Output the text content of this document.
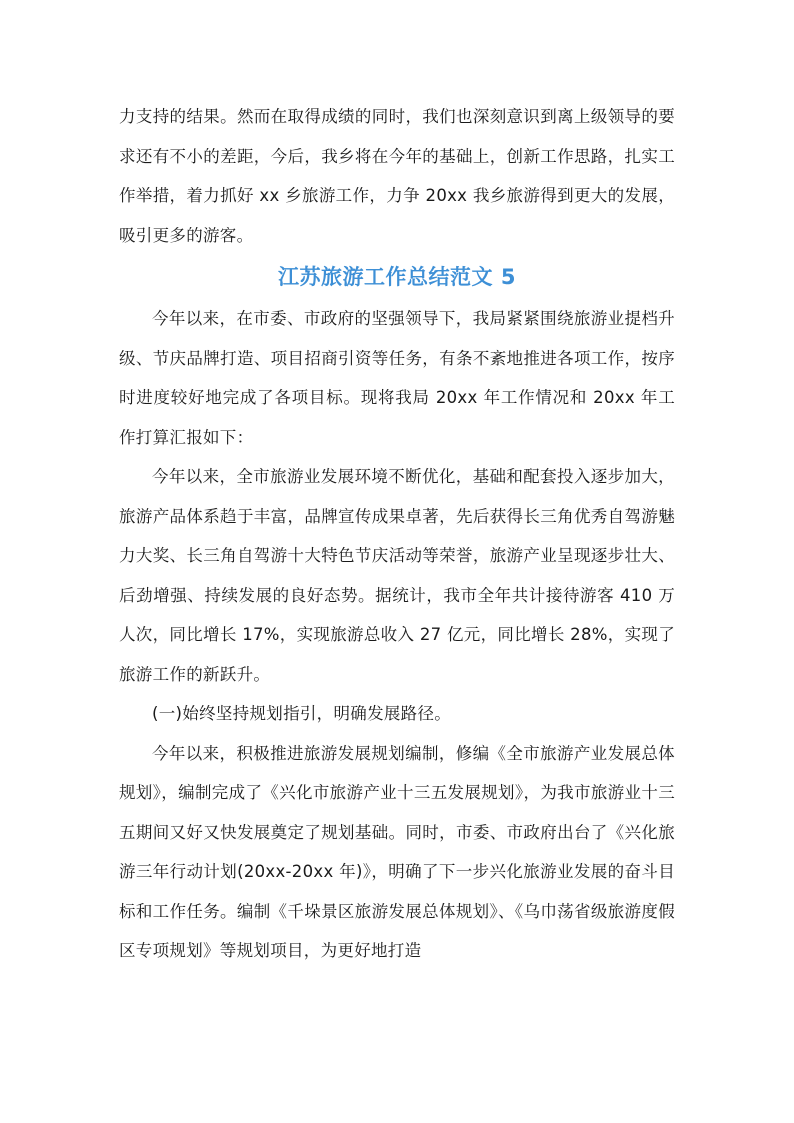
力支持的结果。然而在取得成绩的同时，我们也深刻意识到离上级领导的要求还有不小的差距，今后，我乡将在今年的基础上，创新工作思路，扎实工作举措，着力抓好 xx 乡旅游工作，力争 20xx 我乡旅游得到更大的发展，吸引更多的游客。

江苏旅游工作总结范文 5

今年以来，在市委、市政府的坚强领导下，我局紧紧围绕旅游业提档升级、节庆品牌打造、项目招商引资等任务，有条不紊地推进各项工作，按序时进度较好地完成了各项目标。现将我局 20xx 年工作情况和 20xx 年工作打算汇报如下：

今年以来，全市旅游业发展环境不断优化，基础和配套投入逐步加大，旅游产品体系趋于丰富，品牌宣传成果卓著，先后获得长三角优秀自驾游魅力大奖、长三角自驾游十大特色节庆活动等荣誉，旅游产业呈现逐步壮大、后劲增强、持续发展的良好态势。据统计，我市全年共计接待游客 410 万人次，同比增长 17%，实现旅游总收入 27 亿元，同比增长 28%，实现了旅游工作的新跃升。

(一)始终坚持规划指引，明确发展路径。

今年以来，积极推进旅游发展规划编制，修编《全市旅游产业发展总体规划》，编制完成了《兴化市旅游产业十三五发展规划》，为我市旅游业十三五期间又好又快发展奠定了规划基础。同时，市委、市政府出台了《兴化旅游三年行动计划(20xx-20xx 年)》，明确了下一步兴化旅游业发展的奋斗目标和工作任务。编制《千垛景区旅游发展总体规划》、《乌巾荡省级旅游度假区专项规划》等规划项目，为更好地打造
